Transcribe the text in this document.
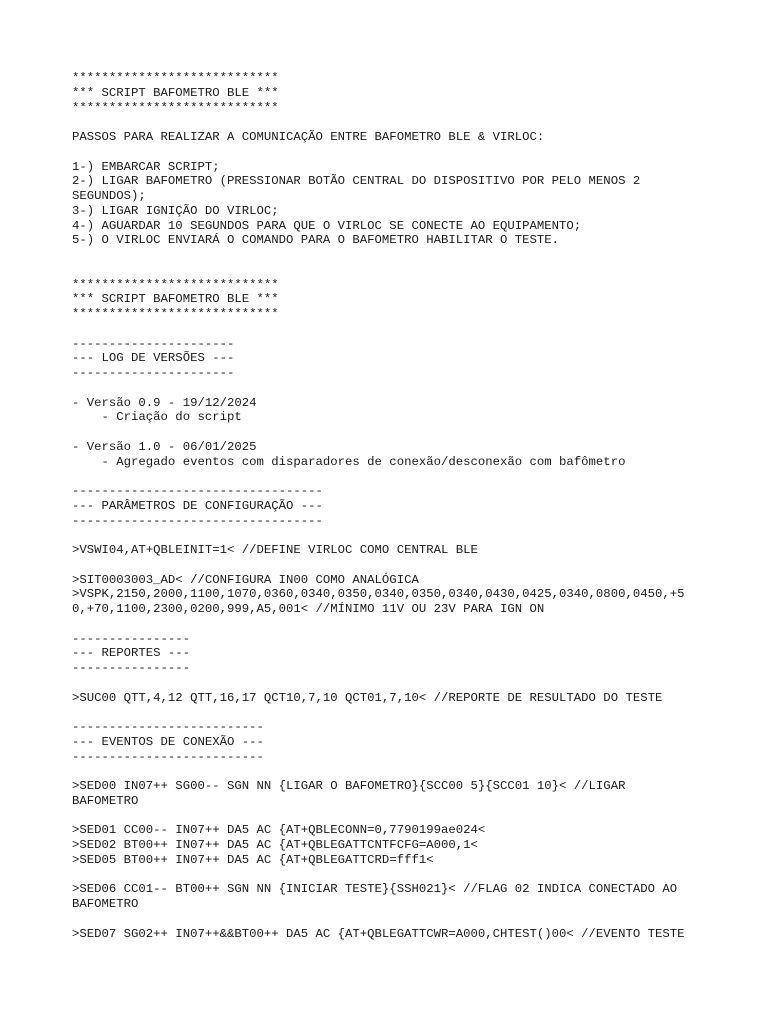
****************************
*** SCRIPT BAFOMETRO BLE ***
****************************
PASSOS PARA REALIZAR A COMUNICAÇÃO ENTRE BAFOMETRO BLE & VIRLOC:
1-) EMBARCAR SCRIPT;
2-) LIGAR BAFOMETRO (PRESSIONAR BOTÃO CENTRAL DO DISPOSITIVO POR PELO MENOS 2
SEGUNDOS);
3-) LIGAR IGNIÇÃO DO VIRLOC;
4-) AGUARDAR 10 SEGUNDOS PARA QUE O VIRLOC SE CONECTE AO EQUIPAMENTO;
5-) O VIRLOC ENVIARÁ O COMANDO PARA O BAFOMETRO HABILITAR O TESTE.
****************************
*** SCRIPT BAFOMETRO BLE ***
****************************
----------------------
--- LOG DE VERSÕES ---
----------------------
- Versão 0.9 - 19/12/2024
- Criação do script
- Versão 1.0 - 06/01/2025
- Agregado eventos com disparadores de conexão/desconexão com bafômetro
----------------------------------
--- PARÂMETROS DE CONFIGURAÇÃO ---
----------------------------------
>VSWI04,AT+QBLEINIT=1< //DEFINE VIRLOC COMO CENTRAL BLE
>SIT0003003_AD< //CONFIGURA IN00 COMO ANALÓGICA
>VSPK,2150,2000,1100,1070,0360,0340,0350,0340,0350,0340,0430,0425,0340,0800,0450,+5
0,+70,1100,2300,0200,999,A5,001< //MÍNIMO 11V OU 23V PARA IGN ON
----------------
--- REPORTES ---
----------------
>SUC00 QTT,4,12 QTT,16,17 QCT10,7,10 QCT01,7,10< //REPORTE DE RESULTADO DO TESTE
--------------------------
--- EVENTOS DE CONEXÃO ---
--------------------------
>SED00 IN07++ SG00-- SGN NN {LIGAR O BAFOMETRO}{SCC00 5}{SCC01 10}< //LIGAR
BAFOMETRO
>SED01 CC00-- IN07++ DA5 AC {AT+QBLECONN=0,7790199ae024<
>SED02 BT00++ IN07++ DA5 AC {AT+QBLEGATTCNTFCFG=A000,1<
>SED05 BT00++ IN07++ DA5 AC {AT+QBLEGATTCRD=fff1<
>SED06 CC01-- BT00++ SGN NN {INICIAR TESTE}{SSH021}< //FLAG 02 INDICA CONECTADO AO
BAFOMETRO
>SED07 SG02++ IN07++&&BT00++ DA5 AC {AT+QBLEGATTCWR=A000,CHTEST()00< //EVENTO TESTE
